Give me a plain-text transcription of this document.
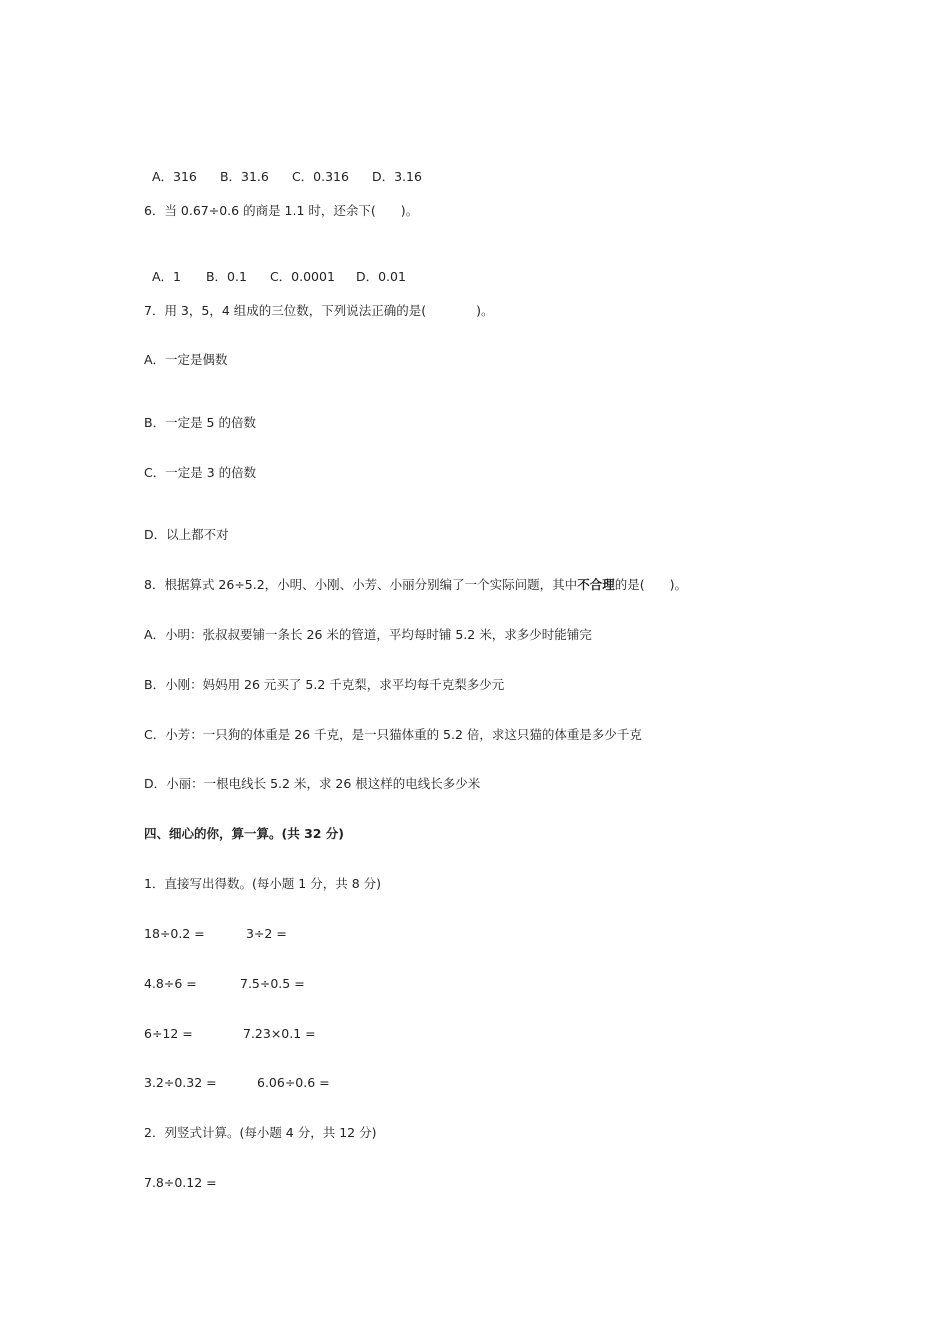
A．316 B．31.6 C．0.316 D．3.16

6．当 0.67÷0.6 的商是 1.1 时，还余下(　　)。

A．1 B．0.1 C．0.0001 D．0.01

7．用 3，5，4 组成的三位数，下列说法正确的是(　　　　)。
A．一定是偶数
B．一定是 5 的倍数
C．一定是 3 的倍数
D．以上都不对
8．根据算式 26÷5.2，小明、小刚、小芳、小丽分别编了一个实际问题，其中不合理的是(　　)。
A．小明：张叔叔要铺一条长 26 米的管道，平均每时铺 5.2 米，求多少时能铺完
B．小刚：妈妈用 26 元买了 5.2 千克梨，求平均每千克梨多少元
C．小芳：一只狗的体重是 26 千克，是一只猫体重的 5.2 倍，求这只猫的体重是多少千克
D．小丽：一根电线长 5.2 米，求 26 根这样的电线长多少米
四、细心的你，算一算。(共 32 分)
1．直接写出得数。(每小题 1 分，共 8 分)
18÷0.2 =	3÷2 =
4.8÷6 =	7.5÷0.5 =
6÷12 =	7.23×0.1 =
3.2÷0.32 =	6.06÷0.6 =
2．列竖式计算。(每小题 4 分，共 12 分)
7.8÷0.12 =
